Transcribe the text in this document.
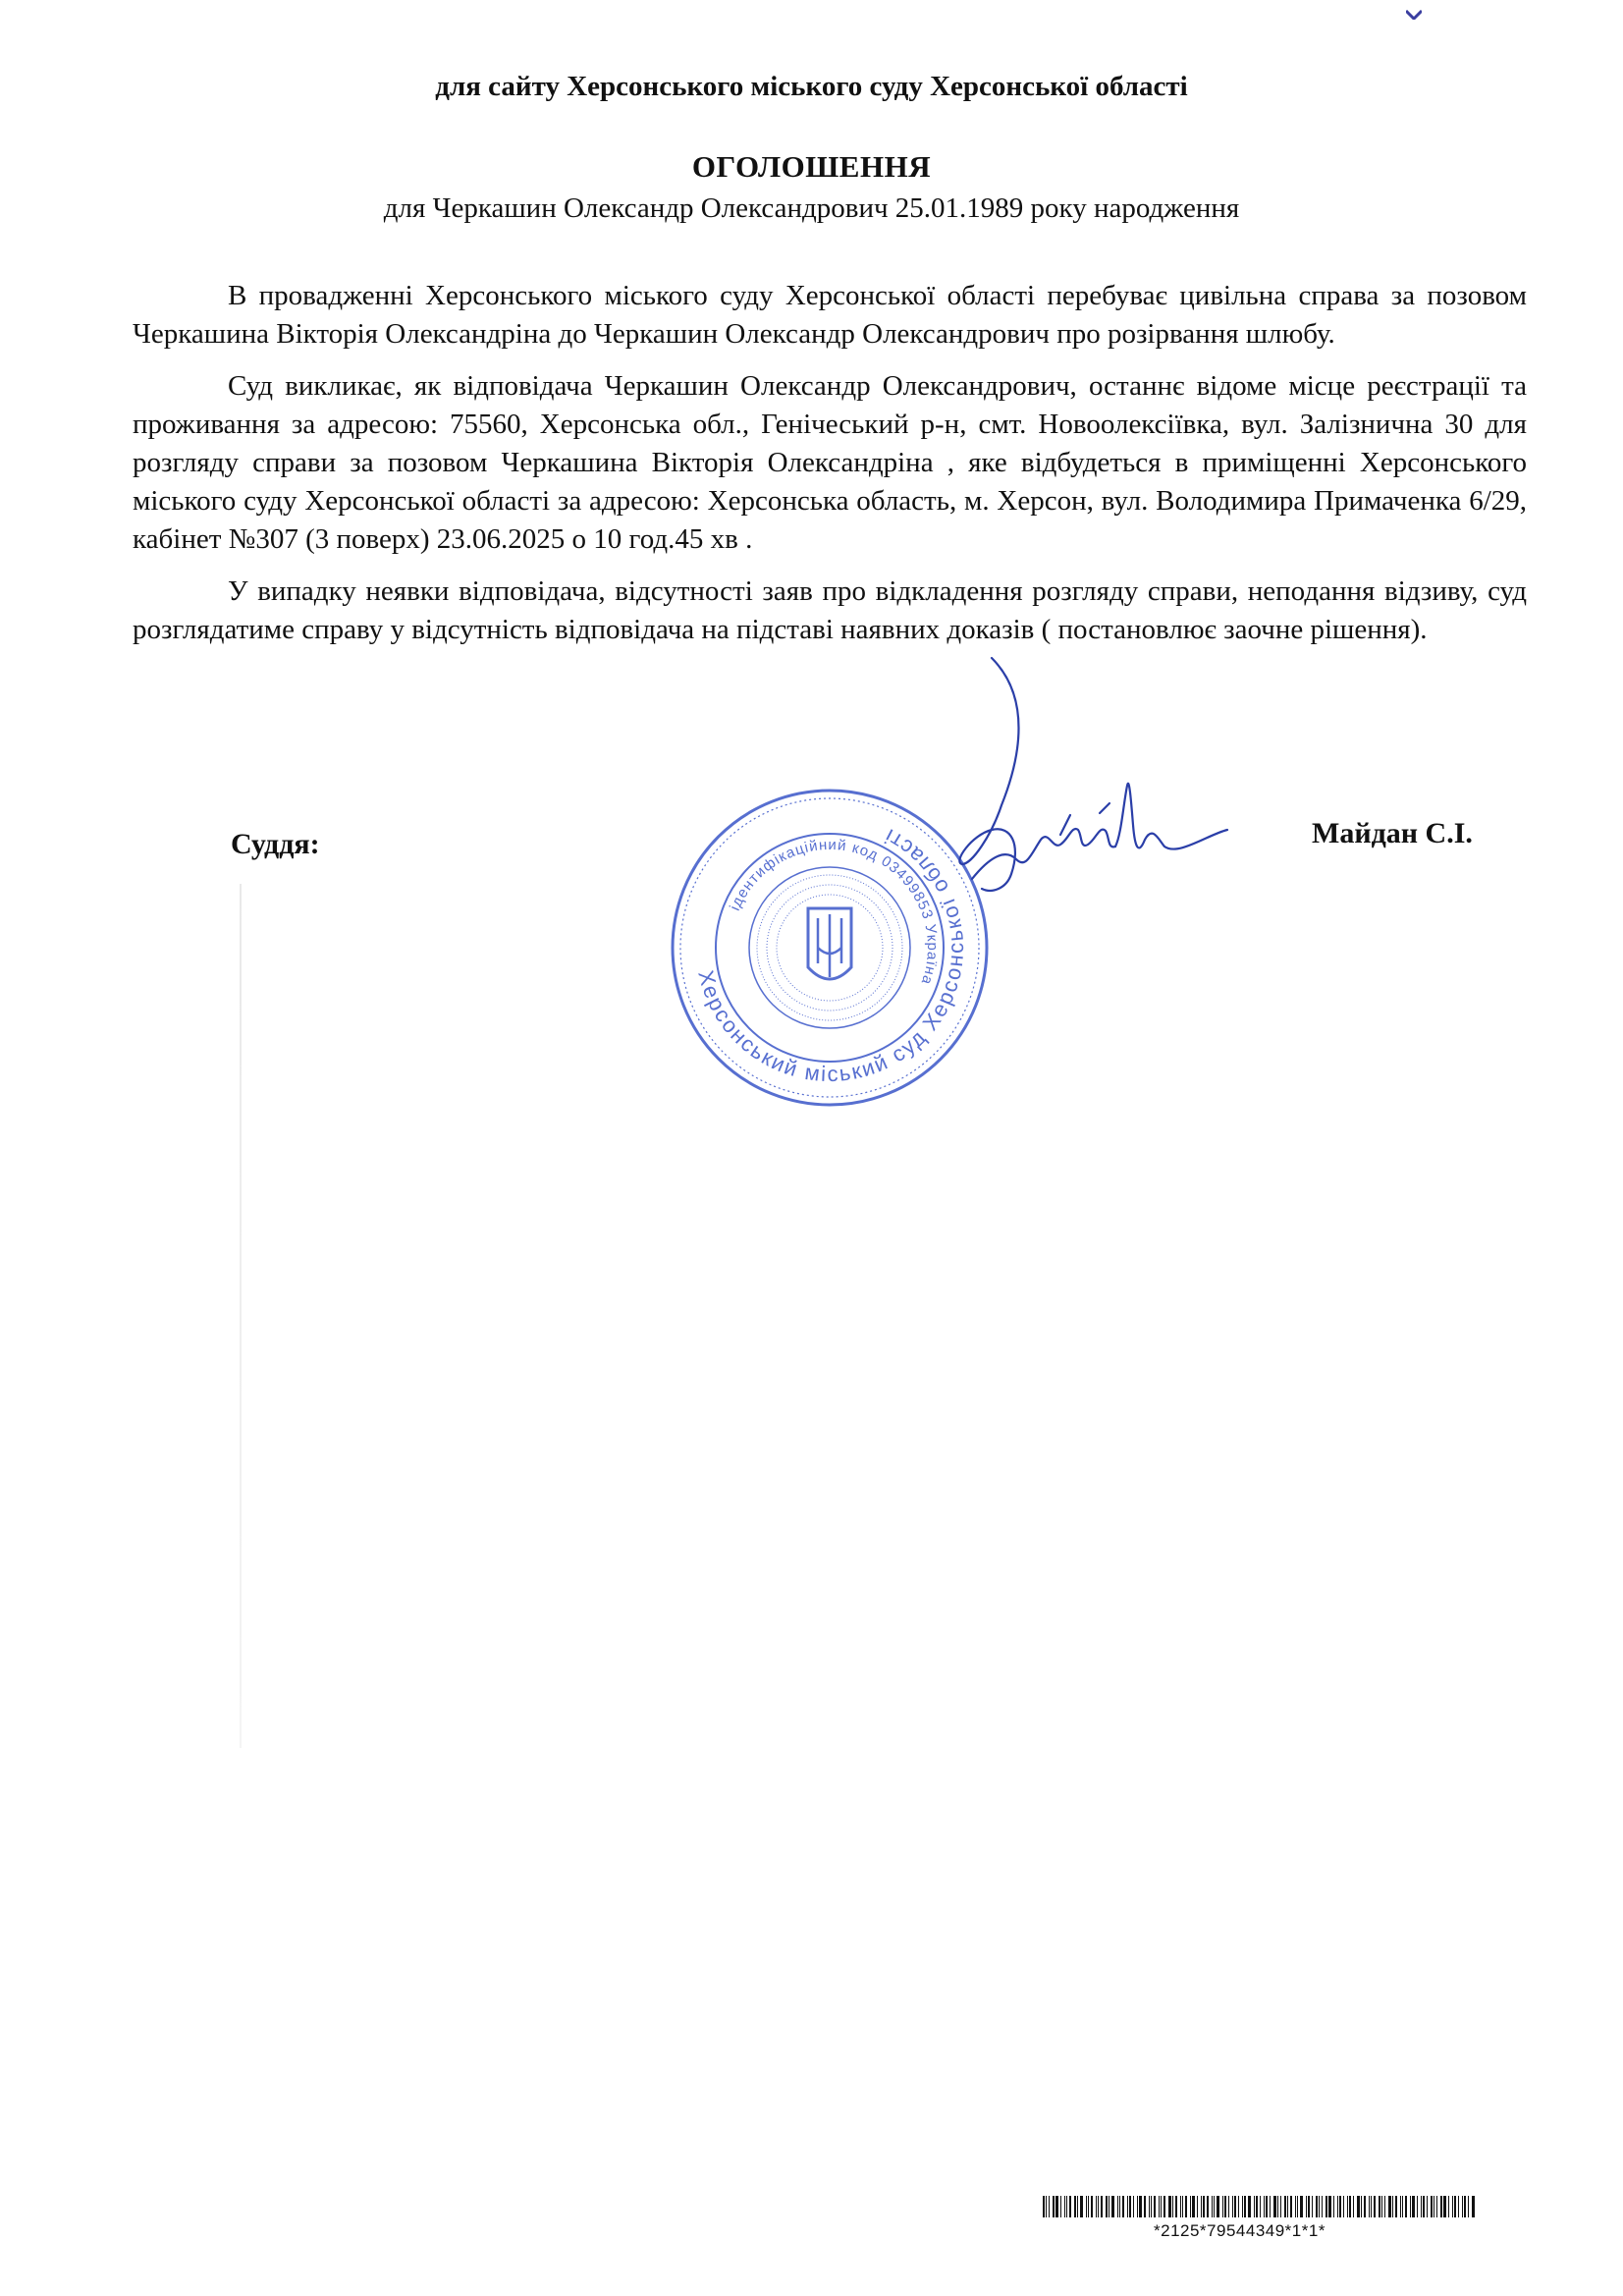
для сайту Херсонського міського суду Херсонської області
ОГОЛОШЕННЯ
для Черкашин Олександр Олександрович 25.01.1989 року народження

В провадженні Херсонського міського суду Херсонської області перебуває цивільна справа за позовом Черкашина Вікторія Олександріна до Черкашин Олександр Олександрович про розірвання шлюбу.

Суд викликає, як відповідача Черкашин Олександр Олександрович, останнє відоме місце реєстрації та проживання за адресою: 75560, Херсонська обл., Генічеський р-н, смт. Новоолексіївка, вул. Залізнична 30 для розгляду справи за позовом Черкашина Вікторія Олександріна , яке відбудеться в приміщенні Херсонського міського суду Херсонської області за адресою: Херсонська область, м. Херсон, вул. Володимира Примаченка 6/29, кабінет №307 (3 поверх) 23.06.2025 о 10 год.45 хв .

У випадку неявки відповідача, відсутності заяв про відкладення розгляду справи, неподання відзиву, суд розглядатиме справу у відсутність відповідача на підставі наявних доказів ( постановлює заочне рішення).

Суддя:	Майдан С.І.
Херсонський міський суд Херсонської області
ідентифікаційний код 03499853 Україна
*2125*79544349*1*1*
